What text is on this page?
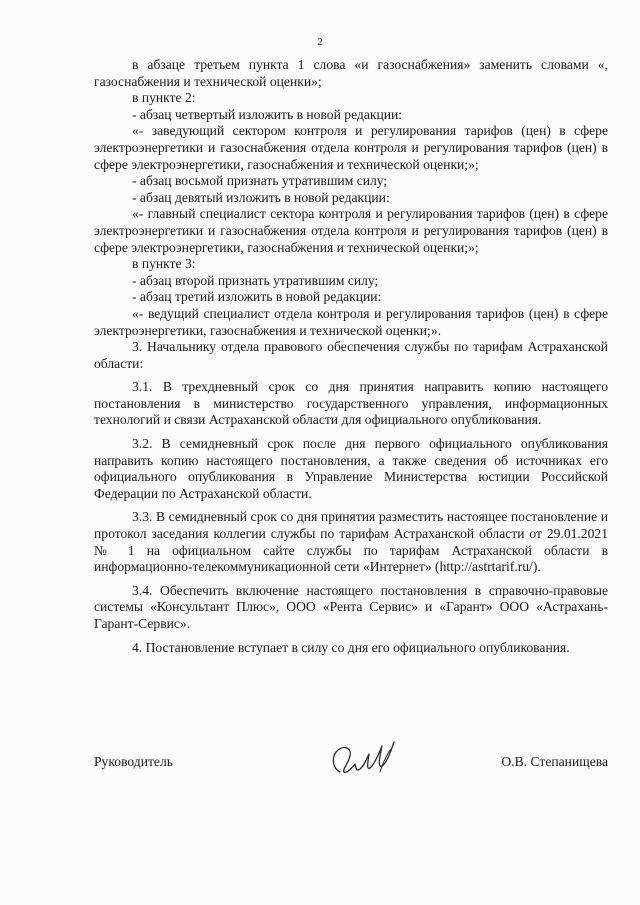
2

в абзаце третьем пункта 1 слова «и газоснабжения» заменить словами «, газоснабжения и технической оценки»;

в пункте 2:

- абзац четвертый изложить в новой редакции:

«- заведующий сектором контроля и регулирования тарифов (цен) в сфере электроэнергетики и газоснабжения отдела контроля и регулирования тарифов (цен) в сфере электроэнергетики, газоснабжения и технической оценки;»;

- абзац восьмой признать утратившим силу;

- абзац девятый изложить в новой редакции:

«- главный специалист сектора контроля и регулирования тарифов (цен) в сфере электроэнергетики и газоснабжения отдела контроля и регулирования тарифов (цен) в сфере электроэнергетики, газоснабжения и технической оценки;»;

в пункте 3:

- абзац второй признать утратившим силу;

- абзац третий изложить в новой редакции:

«- ведущий специалист отдела контроля и регулирования тарифов (цен) в сфере электроэнергетики, газоснабжения и технической оценки;».

3. Начальнику отдела правового обеспечения службы по тарифам Астраханской области:

3.1. В трехдневный срок со дня принятия направить копию настоящего постановления в министерство государственного управления, информационных технологий и связи Астраханской области для официального опубликования.

3.2. В семидневный срок после дня первого официального опубликования направить копию настоящего постановления, а также сведения об источниках его официального опубликования в Управление Министерства юстиции Российской Федерации по Астраханской области.

3.3. В семидневный срок со дня принятия разместить настоящее постановление и протокол заседания коллегии службы по тарифам Астраханской области от 29.01.2021 № 1 на официальном сайте службы по тарифам Астраханской области в информационно-телекоммуникационной сети «Интернет» (http://astrtarif.ru/).

3.4. Обеспечить включение настоящего постановления в справочно-правовые системы «Консультант Плюс», ООО «Рента Сервис» и «Гарант» ООО «Астрахань-Гарант-Сервис».

4. Постановление вступает в силу со дня его официального опубликования.

Руководитель	О.В. Степанищева
